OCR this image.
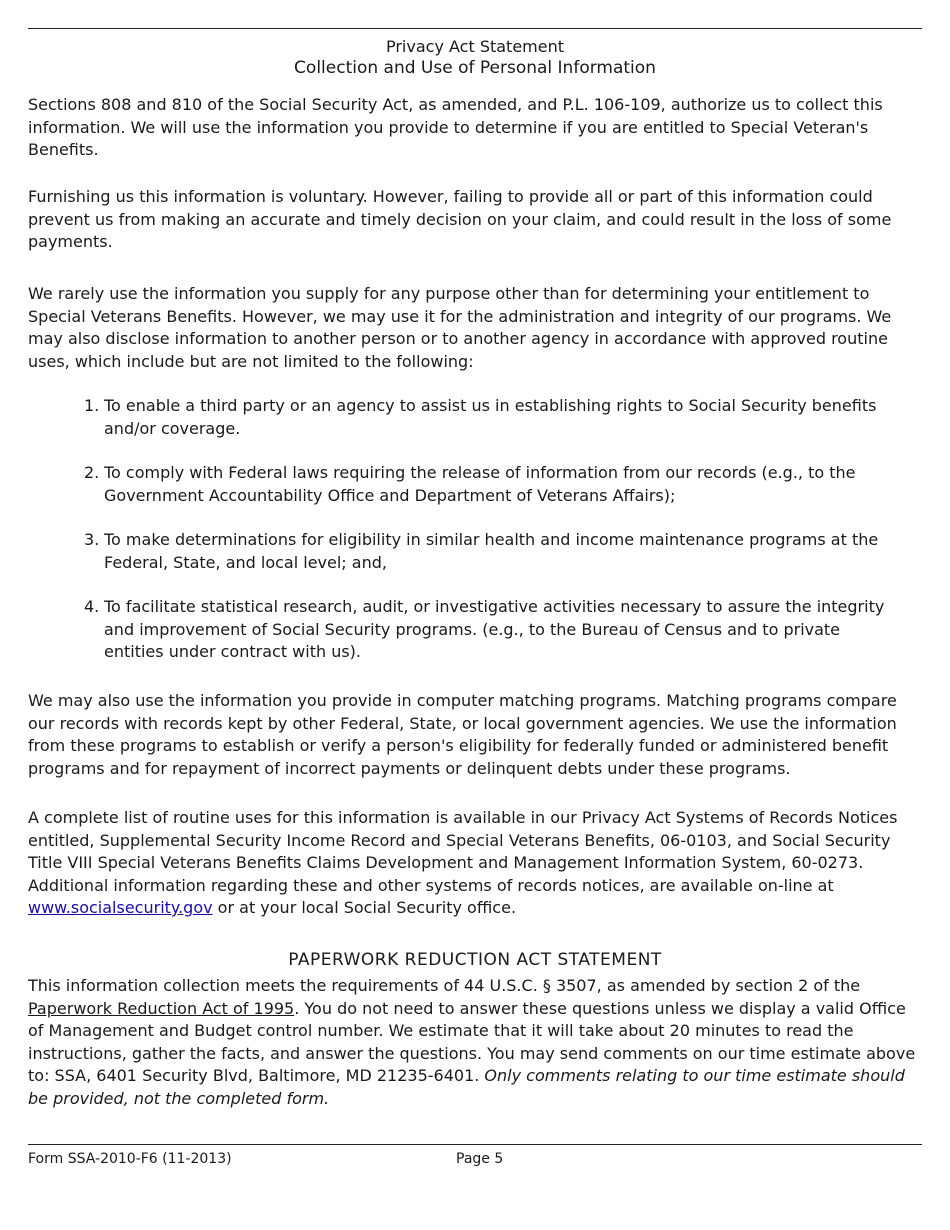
Privacy Act Statement
Collection and Use of Personal Information

Sections 808 and 810 of the Social Security Act, as amended, and P.L. 106-109, authorize us to collect this information. We will use the information you provide to determine if you are entitled to Special Veteran's Benefits.

Furnishing us this information is voluntary. However, failing to provide all or part of this information could prevent us from making an accurate and timely decision on your claim, and could result in the loss of some payments.

We rarely use the information you supply for any purpose other than for determining your entitlement to Special Veterans Benefits. However, we may use it for the administration and integrity of our programs. We may also disclose information to another person or to another agency in accordance with approved routine uses, which include but are not limited to the following:

1. To enable a third party or an agency to assist us in establishing rights to Social Security benefits and/or coverage.
2. To comply with Federal laws requiring the release of information from our records (e.g., to the Government Accountability Office and Department of Veterans Affairs);
3. To make determinations for eligibility in similar health and income maintenance programs at the Federal, State, and local level; and,
4. To facilitate statistical research, audit, or investigative activities necessary to assure the integrity and improvement of Social Security programs. (e.g., to the Bureau of Census and to private entities under contract with us).

We may also use the information you provide in computer matching programs. Matching programs compare our records with records kept by other Federal, State, or local government agencies. We use the information from these programs to establish or verify a person's eligibility for federally funded or administered benefit programs and for repayment of incorrect payments or delinquent debts under these programs.

A complete list of routine uses for this information is available in our Privacy Act Systems of Records Notices entitled, Supplemental Security Income Record and Special Veterans Benefits, 06-0103, and Social Security Title VIII Special Veterans Benefits Claims Development and Management Information System, 60-0273. Additional information regarding these and other systems of records notices, are available on-line at www.socialsecurity.gov or at your local Social Security office.

PAPERWORK REDUCTION ACT STATEMENT

This information collection meets the requirements of 44 U.S.C. § 3507, as amended by section 2 of the Paperwork Reduction Act of 1995. You do not need to answer these questions unless we display a valid Office of Management and Budget control number. We estimate that it will take about 20 minutes to read the instructions, gather the facts, and answer the questions. You may send comments on our time estimate above to: SSA, 6401 Security Blvd, Baltimore, MD 21235-6401. Only comments relating to our time estimate should be provided, not the completed form.

Form SSA-2010-F6 (11-2013)	Page 5
